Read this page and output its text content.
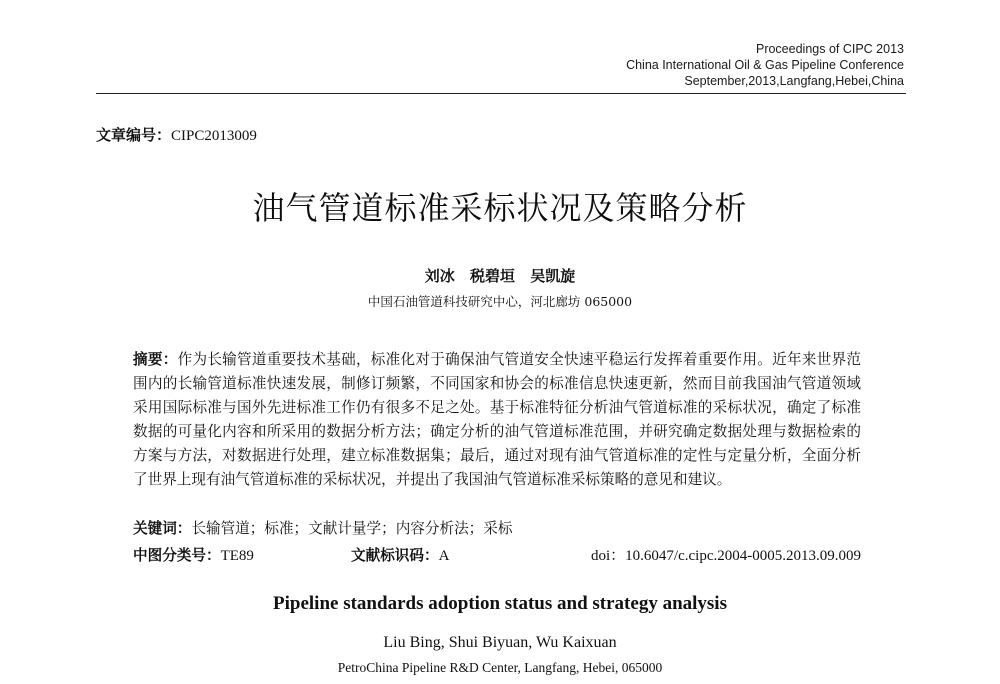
Proceedings of CIPC 2013
China International Oil & Gas Pipeline Conference
September,2013,Langfang,Hebei,China
文章编号：CIPC2013009
油气管道标准采标状况及策略分析
刘冰 税碧垣 吴凯旋
中国石油管道科技研究中心，河北廊坊 065000
摘要：作为长输管道重要技术基础，标准化对于确保油气管道安全快速平稳运行发挥着重要作用。近年来世界范围内的长输管道标准快速发展，制修订频繁，不同国家和协会的标准信息快速更新，然而目前我国油气管道领域采用国际标准与国外先进标准工作仍有很多不足之处。基于标准特征分析油气管道标准的采标状况，确定了标准数据的可量化内容和所采用的数据分析方法；确定分析的油气管道标准范围，并研究确定数据处理与数据检索的方案与方法，对数据进行处理，建立标准数据集；最后，通过对现有油气管道标准的定性与定量分析，全面分析了世界上现有油气管道标准的采标状况，并提出了我国油气管道标准采标策略的意见和建议。
关键词：长输管道；标准；文献计量学；内容分析法；采标
中图分类号：TE89	文献标识码：A	doi：10.6047/c.cipc.2004-0005.2013.09.009
Pipeline standards adoption status and strategy analysis
Liu Bing, Shui Biyuan, Wu Kaixuan
PetroChina Pipeline R&D Center, Langfang, Hebei, 065000
